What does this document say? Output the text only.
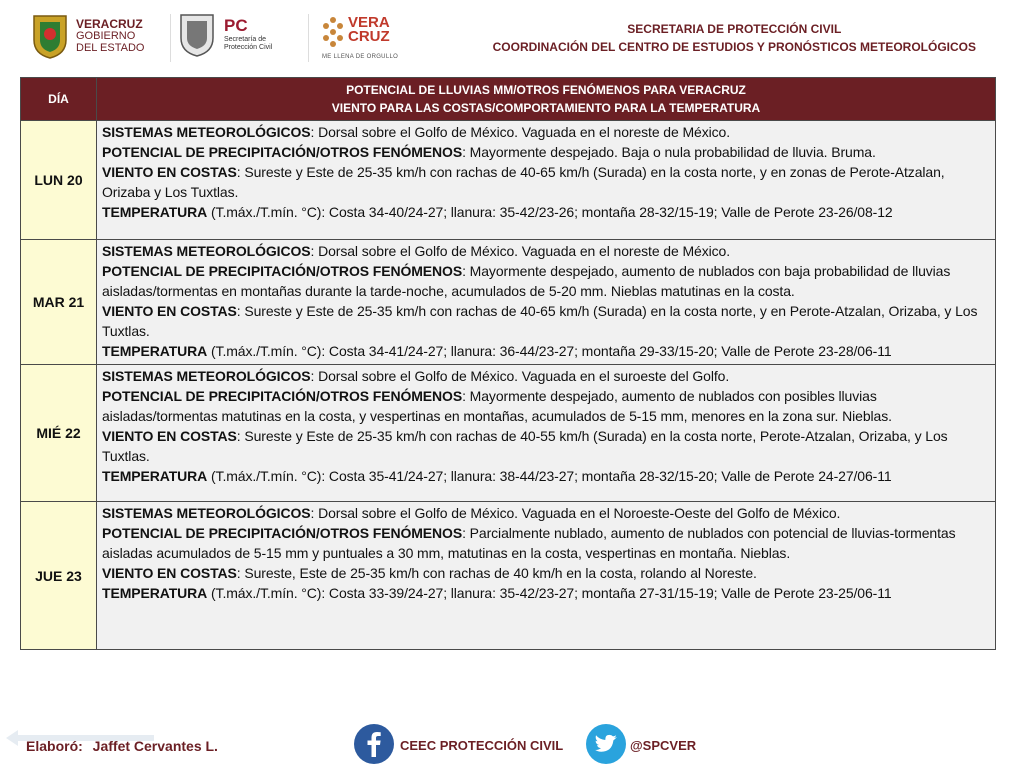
VERACRUZ
GOBIERNO
DEL ESTADO
PC
Secretaría de
Protección Civil
VERA
CRUZ
ME LLENA DE ORGULLO
SECRETARIA DE PROTECCIÓN CIVIL
COORDINACIÓN DEL CENTRO DE ESTUDIOS Y PRONÓSTICOS METEOROLÓGICOS
DÍA	POTENCIAL DE LLUVIAS MM/OTROS FENÓMENOS PARA VERACRUZ
VIENTO PARA LAS COSTAS/COMPORTAMIENTO PARA LA TEMPERATURA

LUN 20	SISTEMAS METEOROLÓGICOS: Dorsal sobre el Golfo de México. Vaguada en el noreste de México.
POTENCIAL DE PRECIPITACIÓN/OTROS FENÓMENOS: Mayormente despejado. Baja o nula probabilidad de lluvia. Bruma.
VIENTO EN COSTAS: Sureste y Este de 25-35 km/h con rachas de 40-65 km/h (Surada) en la costa norte, y en zonas de Perote-Atzalan, Orizaba y Los Tuxtlas.
TEMPERATURA (T.máx./T.mín. °C): Costa 34-40/24-27; llanura: 35-42/23-26; montaña 28-32/15-19; Valle de Perote 23-26/08-12

MAR 21	SISTEMAS METEOROLÓGICOS: Dorsal sobre el Golfo de México. Vaguada en el noreste de México.
POTENCIAL DE PRECIPITACIÓN/OTROS FENÓMENOS: Mayormente despejado, aumento de nublados con baja probabilidad de lluvias aisladas/tormentas en montañas durante la tarde-noche, acumulados de 5-20 mm. Nieblas matutinas en la costa.
VIENTO EN COSTAS: Sureste y Este de 25-35 km/h con rachas de 40-65 km/h (Surada) en la costa norte, y en Perote-Atzalan, Orizaba, y Los Tuxtlas.
TEMPERATURA (T.máx./T.mín. °C): Costa 34-41/24-27; llanura: 36-44/23-27; montaña 29-33/15-20; Valle de Perote 23-28/06-11

MIÉ 22	SISTEMAS METEOROLÓGICOS: Dorsal sobre el Golfo de México. Vaguada en el suroeste del Golfo.
POTENCIAL DE PRECIPITACIÓN/OTROS FENÓMENOS: Mayormente despejado, aumento de nublados con posibles lluvias aisladas/tormentas matutinas en la costa, y vespertinas en montañas, acumulados de 5-15 mm, menores en la zona sur. Nieblas.
VIENTO EN COSTAS: Sureste y Este de 25-35 km/h con rachas de 40-55 km/h (Surada) en la costa norte, Perote-Atzalan, Orizaba, y Los Tuxtlas.
TEMPERATURA (T.máx./T.mín. °C): Costa 35-41/24-27; llanura: 38-44/23-27; montaña 28-32/15-20; Valle de Perote 24-27/06-11

JUE 23	SISTEMAS METEOROLÓGICOS: Dorsal sobre el Golfo de México. Vaguada en el Noroeste-Oeste del Golfo de México.
POTENCIAL DE PRECIPITACIÓN/OTROS FENÓMENOS: Parcialmente nublado, aumento de nublados con potencial de lluvias-tormentas aisladas acumulados de 5-15 mm y puntuales a 30 mm, matutinas en la costa, vespertinas en montaña. Nieblas.
VIENTO EN COSTAS: Sureste, Este de 25-35 km/h con rachas de 40 km/h en la costa, rolando al Noreste.
TEMPERATURA (T.máx./T.mín. °C): Costa 33-39/24-27; llanura: 35-42/23-27; montaña 27-31/15-19; Valle de Perote 23-25/06-11
Elaboró: Jaffet Cervantes L.	CEEC PROTECCIÓN CIVIL	@SPCVER
